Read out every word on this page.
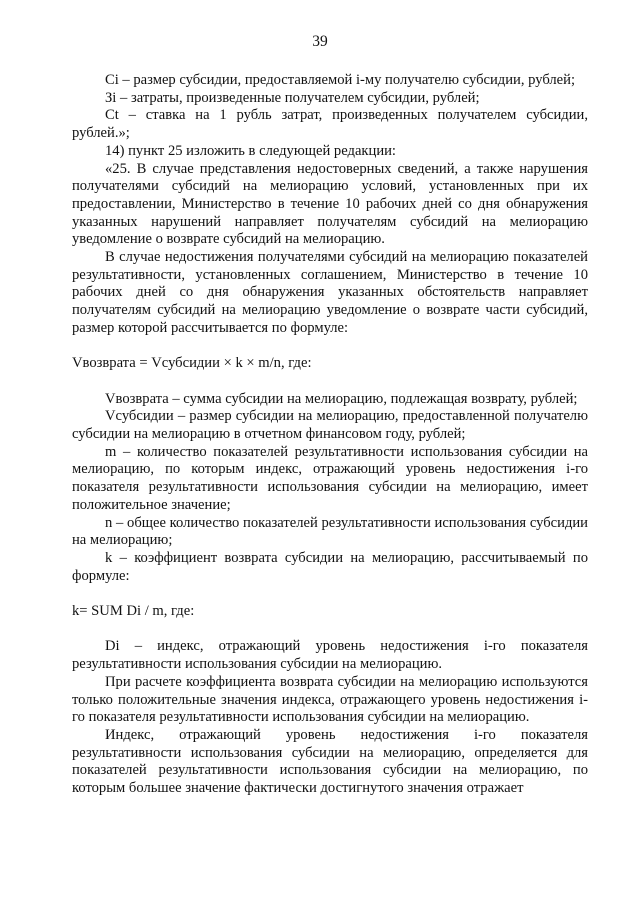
39

Ci – размер субсидии, предоставляемой i-му получателю субсидии, рублей;

Зi – затраты, произведенные получателем субсидии, рублей;

Ct – ставка на 1 рубль затрат, произведенных получателем субсидии, рублей.»;

14) пункт 25 изложить в следующей редакции:

«25. В случае представления недостоверных сведений, а также нарушения получателями субсидий на мелиорацию условий, установленных при их предоставлении, Министерство в течение 10 рабочих дней со дня обнаружения указанных нарушений направляет получателям субсидий на мелиорацию уведомление о возврате субсидий на мелиорацию.

В случае недостижения получателями субсидий на мелиорацию показателей результативности, установленных соглашением, Министерство в течение 10 рабочих дней со дня обнаружения указанных обстоятельств направляет получателям субсидий на мелиорацию уведомление о возврате части субсидий, размер которой рассчитывается по формуле:

Vвозврата = Vсубсидии × k × m/n, где:

Vвозврата – сумма субсидии на мелиорацию, подлежащая возврату, рублей;

Vсубсидии – размер субсидии на мелиорацию, предоставленной получателю субсидии на мелиорацию в отчетном финансовом году, рублей;

m – количество показателей результативности использования субсидии на мелиорацию, по которым индекс, отражающий уровень недостижения i-го показателя результативности использования субсидии на мелиорацию, имеет положительное значение;

n – общее количество показателей результативности использования субсидии на мелиорацию;

k – коэффициент возврата субсидии на мелиорацию, рассчитываемый по формуле:

k= SUM Di / m, где:

Di – индекс, отражающий уровень недостижения i-го показателя результативности использования субсидии на мелиорацию.

При расчете коэффициента возврата субсидии на мелиорацию используются только положительные значения индекса, отражающего уровень недостижения i-го показателя результативности использования субсидии на мелиорацию.

Индекс, отражающий уровень недостижения i-го показателя результативности использования субсидии на мелиорацию, определяется для показателей результативности использования субсидии на мелиорацию, по которым большее значение фактически достигнутого значения отражает
